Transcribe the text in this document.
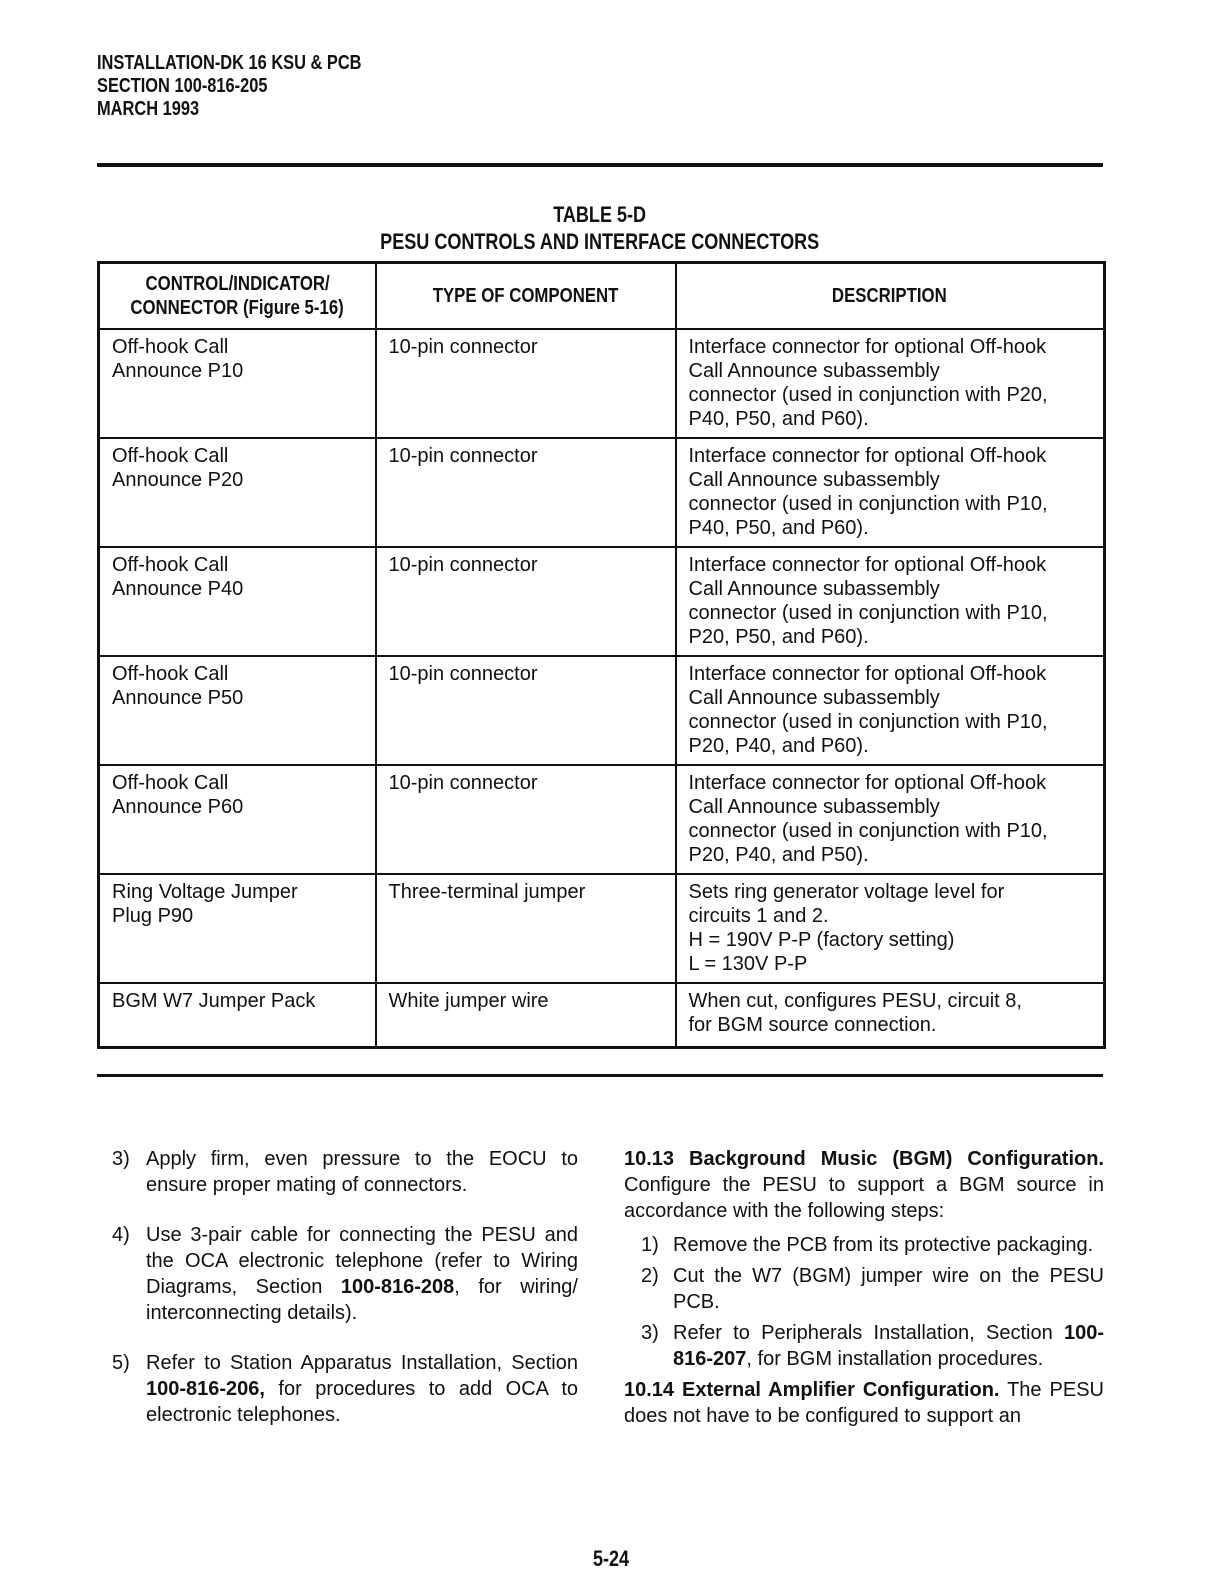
INSTALLATION-DK 16 KSU & PCB
SECTION 100-816-205
MARCH 1993
TABLE 5-D
PESU CONTROLS AND INTERFACE CONNECTORS
CONTROL/INDICATOR/
CONNECTOR (Figure 5-16)	TYPE OF COMPONENT	DESCRIPTION
Off-hook Call
Announce P10	10-pin connector	Interface connector for optional Off-hook
Call Announce subassembly
connector (used in conjunction with P20,
P40, P50, and P60).
Off-hook Call
Announce P20	10-pin connector	Interface connector for optional Off-hook
Call Announce subassembly
connector (used in conjunction with P10,
P40, P50, and P60).
Off-hook Call
Announce P40	10-pin connector	Interface connector for optional Off-hook
Call Announce subassembly
connector (used in conjunction with P10,
P20, P50, and P60).
Off-hook Call
Announce P50	10-pin connector	Interface connector for optional Off-hook
Call Announce subassembly
connector (used in conjunction with P10,
P20, P40, and P60).
Off-hook Call
Announce P60	10-pin connector	Interface connector for optional Off-hook
Call Announce subassembly
connector (used in conjunction with P10,
P20, P40, and P50).
Ring Voltage Jumper
Plug P90	Three-terminal jumper	Sets ring generator voltage level for
circuits 1 and 2.
H = 190V P-P (factory setting)
L = 130V P-P
BGM W7 Jumper Pack	White jumper wire	When cut, configures PESU, circuit 8,
for BGM source connection.
3) Apply firm, even pressure to the EOCU to ensure proper mating of connectors.
4) Use 3-pair cable for connecting the PESU and the OCA electronic telephone (refer to Wiring Diagrams, Section 100-816-208, for wiring/ interconnecting details).
5) Refer to Station Apparatus Installation, Section 100-816-206, for procedures to add OCA to electronic telephones.
10.13 Background Music (BGM) Configuration. Configure the PESU to support a BGM source in accordance with the following steps:
1) Remove the PCB from its protective packaging.
2) Cut the W7 (BGM) jumper wire on the PESU PCB.
3) Refer to Peripherals Installation, Section 100-816-207, for BGM installation procedures.
10.14 External Amplifier Configuration. The PESU does not have to be configured to support an
5-24
